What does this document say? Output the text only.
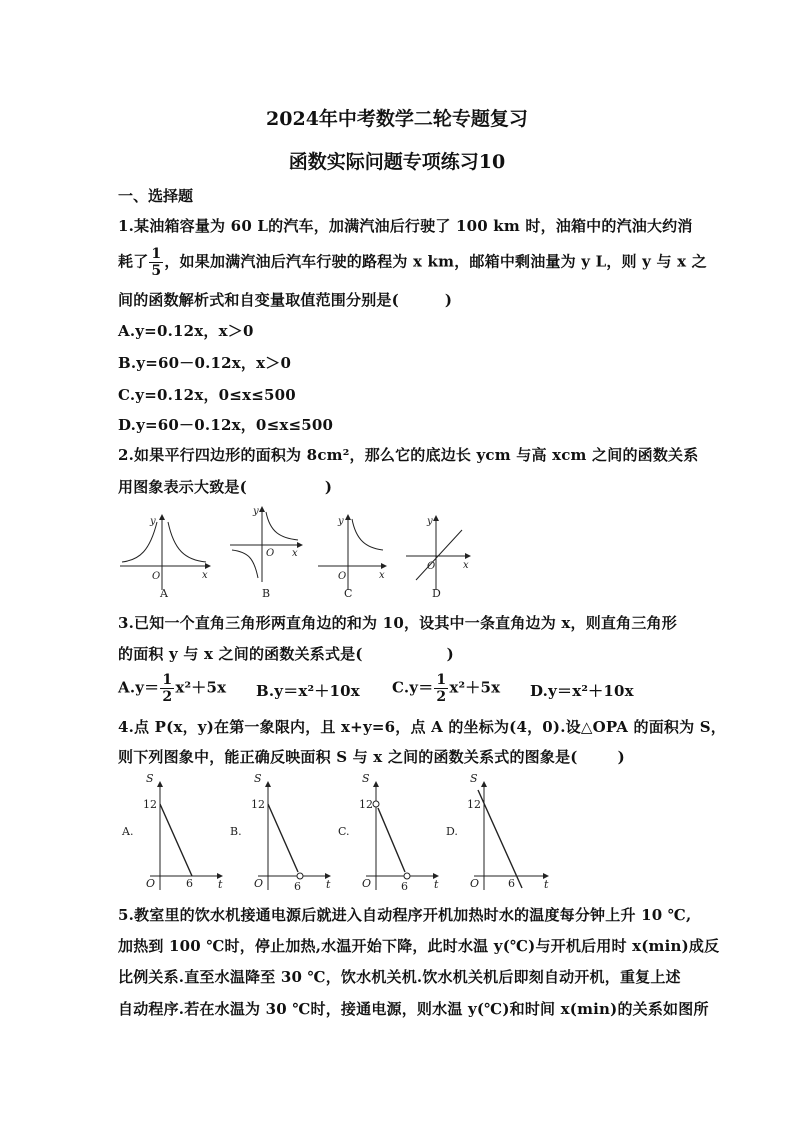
2024年中考数学二轮专题复习
函数实际问题专项练习10
一、选择题
1.某油箱容量为 60 L的汽车，加满汽油后行驶了 100 km 时，油箱中的汽油大约消
耗了 $\frac{1}{5}$ ，如果加满汽油后汽车行驶的路程为 x km，邮箱中剩油量为 y L，则 y 与 x 之
间的函数解析式和自变量取值范围分别是(	)
A.y=0.12x，x＞0
B.y=60－0.12x，x＞0
C.y=0.12x，0≤x≤500
D.y=60－0.12x，0≤x≤500
2.如果平行四边形的面积为 8cm²，那么它的底边长 ycm 与高 xcm 之间的函数关系
用图象表示大致是(	)
y
x
O
y
x
O
y
x
O
y
x
O
A	B	C	D
S
12
6 t
O
A.
S
12
6 t
O
B.
S
12
6 t
O
C.
S
12
6	t
O
D.
3.已知一个直角三角形两直角边的和为 10，设其中一条直角边为 x，则直角三角形
的面积 y 与 x 之间的函数关系式是(	)
$A.y= \frac{1}{2} x^2+5x$ B.y＝x²＋10x $C.y= \frac{1}{2} x^2+5x$ D.y＝x²＋10x
4.点 P(x，y)在第一象限内，且 x+y=6，点 A 的坐标为(4，0).设△OPA 的面积为 S，
则下列图象中，能正确反映面积 S 与 x 之间的函数关系式的图象是(	)
5.教室里的饮水机接通电源后就进入自动程序开机加热时水的温度每分钟上升 10 ℃,
加热到 100 ℃时，停止加热,水温开始下降，此时水温 y(℃)与开机后用时 x(min)成反
比例关系.直至水温降至 30 ℃，饮水机关机.饮水机关机后即刻自动开机，重复上述
自动程序.若在水温为 30 ℃时，接通电源，则水温 y(℃)和时间 x(min)的关系如图所
